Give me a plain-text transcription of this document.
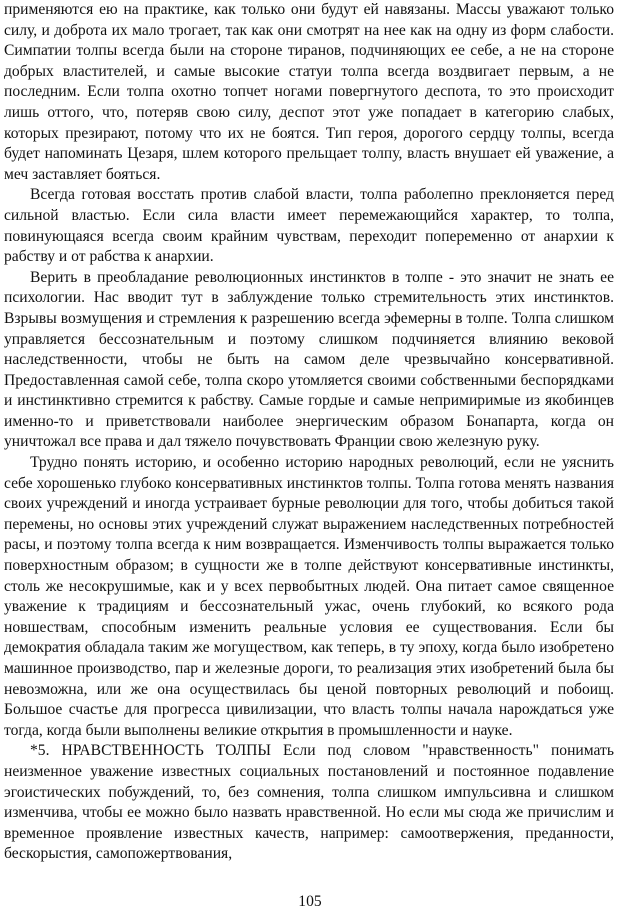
применяются ею на практике, как только они будут ей навязаны. Массы уважают только силу, и доброта их мало трогает, так как они смотрят на нее как на одну из форм слабости. Симпатии толпы всегда были на стороне тиранов, подчиняющих ее себе, а не на стороне добрых властителей, и самые высокие статуи толпа всегда воздвигает первым, а не последним. Если толпа охотно топчет ногами повергнутого деспота, то это происходит лишь оттого, что, потеряв свою силу, деспот этот уже попадает в категорию слабых, которых презирают, потому что их не боятся. Тип героя, дорогого сердцу толпы, всегда будет напоминать Цезаря, шлем которого прельщает толпу, власть внушает ей уважение, а меч заставляет бояться.

Всегда готовая восстать против слабой власти, толпа раболепно преклоняется перед сильной властью. Если сила власти имеет перемежающийся характер, то толпа, повинующаяся всегда своим крайним чувствам, переходит попеременно от анархии к рабству и от рабства к анархии.

Верить в преобладание революционных инстинктов в толпе - это значит не знать ее психологии. Нас вводит тут в заблуждение только стремительность этих инстинктов. Взрывы возмущения и стремления к разрешению всегда эфемерны в толпе. Толпа слишком управляется бессознательным и поэтому слишком подчиняется влиянию вековой наследственности, чтобы не быть на самом деле чрезвычайно консервативной. Предоставленная самой себе, толпа скоро утомляется своими собственными беспорядками и инстинктивно стремится к рабству. Самые гордые и самые непримиримые из якобинцев именно-то и приветствовали наиболее энергическим образом Бонапарта, когда он уничтожал все права и дал тяжело почувствовать Франции свою железную руку.

Трудно понять историю, и особенно историю народных революций, если не уяснить себе хорошенько глубоко консервативных инстинктов толпы. Толпа готова менять названия своих учреждений и иногда устраивает бурные революции для того, чтобы добиться такой перемены, но основы этих учреждений служат выражением наследственных потребностей расы, и поэтому толпа всегда к ним возвращается. Изменчивость толпы выражается только поверхностным образом; в сущности же в толпе действуют консервативные инстинкты, столь же несокрушимые, как и у всех первобытных людей. Она питает самое священное уважение к традициям и бессознательный ужас, очень глубокий, ко всякого рода новшествам, способным изменить реальные условия ее существования. Если бы демократия обладала таким же могуществом, как теперь, в ту эпоху, когда было изобретено машинное производство, пар и железные дороги, то реализация этих изобретений была бы невозможна, или же она осуществилась бы ценой повторных революций и побоищ. Большое счастье для прогресса цивилизации, что власть толпы начала нарождаться уже тогда, когда были выполнены великие открытия в промышленности и науке.

*5. НРАВСТВЕННОСТЬ ТОЛПЫ Если под словом "нравственность" понимать неизменное уважение известных социальных постановлений и постоянное подавление эгоистических побуждений, то, без сомнения, толпа слишком импульсивна и слишком изменчива, чтобы ее можно было назвать нравственной. Но если мы сюда же причислим и временное проявление известных качеств, например: самоотвержения, преданности, бескорыстия, самопожертвования,

105
